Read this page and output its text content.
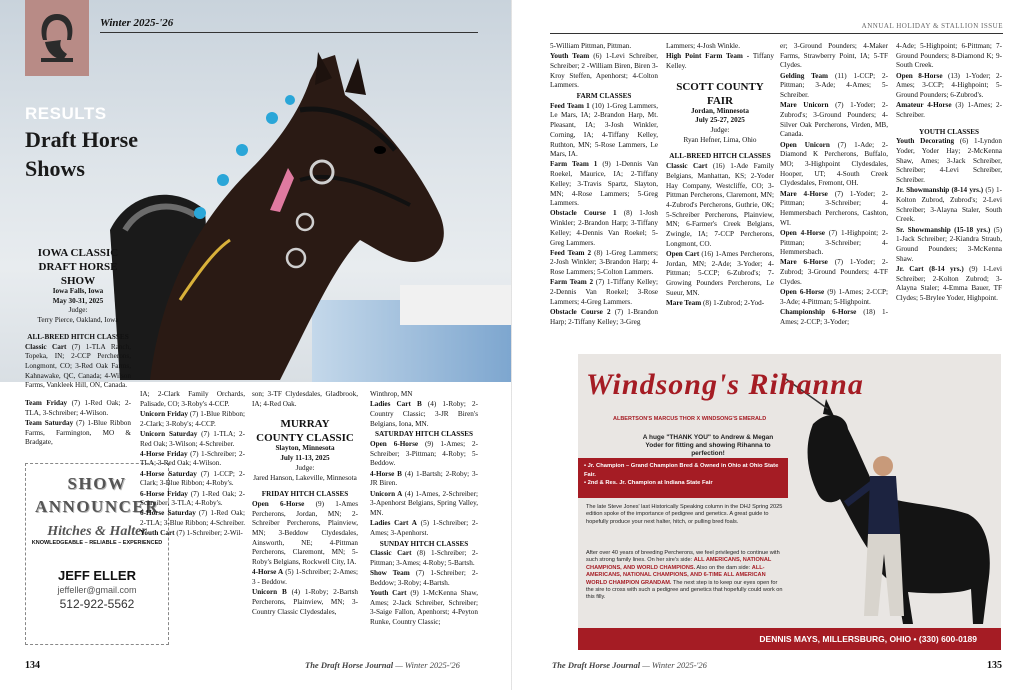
Winter 2025-'26
RESULTS
Draft Horse
Shows
IOWA CLASSIC
DRAFT HORSE
SHOW
Iowa Falls, Iowa
May 30-31, 2025
Judge:
Terry Pierce, Oakland, Iowa
ALL-BREED HITCH CLASSES

Classic Cart (7) 1-TLA Ranch, Topeka, IN; 2-CCP Percherons, Longmont, CO; 3-Red Oak Farms, Kahnawake, QC, Canada; 4-Wilson Farms, Vankleek Hill, ON, Canada.

Team Friday (7) 1-Red Oak; 2-TLA, 3-Schreiber; 4-Wilson.

Team Saturday (7) 1-Blue Ribbon Farms, Farmington, MO & Bradgate,

SHOW
ANNOUNCER
Hitches & Halter
KNOWLEDGEABLE – RELIABLE – EXPERIENCED
JEFF ELLER
jeffeller@gmail.com
512-922-5562

IA; 2-Clark Family Orchards, Palisade, CO; 3-Roby's 4-CCP.

Unicorn Friday (7) 1-Blue Ribbon; 2-Clark; 3-Roby's; 4-CCP.

Unicorn Saturday (7) 1-TLA; 2-Red Oak; 3-Wilson; 4-Schreiber.

4-Horse Friday (7) 1-Schreiber; 2-TLA; 3-Red Oak; 4-Wilson.

4-Horse Saturday (7) 1-CCP; 2-Clark; 3-Blue Ribbon; 4-Roby's.

6-Horse Friday (7) 1-Red Oak; 2-Schreiber; 3-TLA; 4-Roby's.

6-Horse Saturday (7) 1-Red Oak; 2-TLA; 3-Blue Ribbon; 4-Schreiber.

Youth Cart (7) 1-Schreiber; 2-Wil-

son; 3-TF Clydesdales, Gladbrook, IA; 4-Red Oak.

MURRAY
COUNTY CLASSIC
Slayton, Minnesota
July 11-13, 2025
Judge:
Jared Hanson, Lakeville, Minnesota
FRIDAY HITCH CLASSES

Open 6-Horse (9) 1-Ames Percherons, Jordan, MN; 2-Schreiber Percherons, Plainview, MN; 3-Beddow Clydesdales, Ainsworth, NE; 4-Pittman Percherons, Claremont, MN; 5-Roby's Belgians, Rockwell City, IA.

4-Horse A (5) 1-Schreiber; 2-Ames; 3 - Beddow.

Unicorn B (4) 1-Roby; 2-Bartsh Percherons, Plainview, MN; 3-Country Classic Clydesdales,

Winthrop, MN

Ladies Cart B (4) 1-Roby; 2-Country Classic; 3-JR Biren's Belgians, Iona, MN.

SATURDAY HITCH CLASSES

Open 6-Horse (9) 1-Ames; 2-Schreiber; 3-Pittman; 4-Roby; 5-Beddow.

4-Horse B (4) 1-Bartsh; 2-Roby; 3-JR Biren.

Unicorn A (4) 1-Ames, 2-Schreiber; 3-Apenhorst Belgians, Spring Valley, MN.

Ladies Cart A (5) 1-Schreiber; 2-Ames; 3-Apenhorst.

SUNDAY HITCH CLASSES

Classic Cart (8) 1-Schreiber; 2-Pittman; 3-Ames; 4-Roby; 5-Bartsh.

Show Team (7) 1-Schreiber; 2-Beddow; 3-Roby; 4-Bartsh.

Youth Cart (9) 1-McKenna Shaw, Ames; 2-Jack Schreiber, Schreiber; 3-Saige Fallon, Apenhorst; 4-Peyton Runke, Country Classic;

134	The Draft Horse Journal — Winter 2025-'26
ANNUAL HOLIDAY & STALLION ISSUE

5-William Pittman, Pittman.

Youth Team (6) 1-Levi Schreiber, Schreiber; 2 -William Biren, Biren 3-Kroy Steffen, Apenhorst; 4-Colton Lammers.

FARM CLASSES

Feed Team 1 (10) 1-Greg Lammers, Le Mars, IA; 2-Brandon Harp, Mt. Pleasant, IA; 3-Josh Winkler, Corning, IA; 4-Tiffany Kelley, Ruthton, MN; 5-Rose Lammers, Le Mars, IA.

Farm Team 1 (9) 1-Dennis Van Roekel, Maurice, IA; 2-Tiffany Kelley; 3-Travis Spartz, Slayton, MN; 4-Rose Lammers; 5-Greg Lammers.

Obstacle Course 1 (8) 1-Josh Winkler; 2-Brandon Harp; 3-Tiffany Kelley; 4-Dennis Van Roekel; 5-Greg Lammers.

Feed Team 2 (8) 1-Greg Lammers; 2-Josh Winkler; 3-Brandon Harp; 4-Rose Lammers; 5-Colton Lammers.

Farm Team 2 (7) 1-Tiffany Kelley; 2-Dennis Van Roekel; 3-Rose Lammers; 4-Greg Lammers.

Obstacle Course 2 (7) 1-Brandon Harp; 2-Tiffany Kelley; 3-Greg

Lammers; 4-Josh Winkle.

High Point Farm Team - Tiffany Kelley.

SCOTT COUNTY
FAIR
Jordan, Minnesota
July 25-27, 2025
Judge:
Ryan Hefner, Lima, Ohio
ALL-BREED HITCH CLASSES

Classic Cart (16) 1-Ade Family Belgians, Manhattan, KS; 2-Yoder Hay Company, Westcliffe, CO; 3-Pittman Percherons, Claremont, MN; 4-Zubrod's Percherons, Guthrie, OK; 5-Schreiber Percherons, Plainview, MN; 6-Farmer's Creek Belgians, Zwingle, IA; 7-CCP Percherons, Longmont, CO.

Open Cart (16) 1-Ames Percherons, Jordan, MN; 2-Ade; 3-Yoder; 4-Pittman; 5-CCP; 6-Zubrod's; 7-Growing Pounders Percherons, Le Sueur, MN.

Mare Team (8) 1-Zubrod; 2-Yod-

er; 3-Ground Pounders; 4-Maker Farms, Strawberry Point, IA; 5-TF Clydes.

Gelding Team (11) 1-CCP; 2-Pittman; 3-Ade; 4-Ames; 5-Schreiber.

Mare Unicorn (7) 1-Yoder; 2-Zubrod's; 3-Ground Pounders; 4-Silver Oak Percherons, Virden, MB, Canada.

Open Unicorn (7) 1-Ade; 2-Diamond K Percherons, Buffalo, MO; 3-Highpoint Clydesdales, Hooper, UT; 4-South Creek Clydesdales, Fremont, OH.

Mare 4-Horse (7) 1-Yoder; 2-Pittman; 3-Schreiber; 4-Hemmersbach Percherons, Cashton, WI.

Open 4-Horse (7) 1-Highpoint; 2-Pittman; 3-Schreiber; 4-Hemmersbach.

Mare 6-Horse (7) 1-Yoder; 2-Zubrod; 3-Ground Pounders; 4-TF Clydes.

Open 6-Horse (9) 1-Ames; 2-CCP; 3-Ade; 4-Pittman; 5-Highpoint.

Championship 6-Horse (18) 1-Ames; 2-CCP; 3-Yoder;

4-Ade; 5-Highpoint; 6-Pittman; 7-Ground Pounders; 8-Diamond K; 9-South Creek.

Open 8-Horse (13) 1-Yoder; 2-Ames; 3-CCP; 4-Highpoint; 5-Ground Pounders; 6-Zubrod's.

Amateur 4-Horse (3) 1-Ames; 2-Schreiber.

YOUTH CLASSES

Youth Decorating (6) 1-Lyndon Yoder, Yoder Hay; 2-McKenna Shaw, Ames; 3-Jack Schreiber, Schreiber; 4-Levi Schreiber, Schreiber.

Jr. Showmanship (8-14 yrs.) (5) 1-Kolton Zubrod, Zubrod's; 2-Levi Schreiber; 3-Alayna Staler, South Creek.

Sr. Showmanship (15-18 yrs.) (5) 1-Jack Schreiber; 2-Kiandra Straub, Ground Pounders; 3-McKenna Shaw.

Jr. Cart (8-14 yrs.) (9) 1-Levi Schreiber; 2-Kolton Zubrod; 3-Alayna Staler; 4-Emma Bauer, TF Clydes; 5-Brylee Yoder, Highpoint.

Windsong's Rihanna
ALBERTSON'S MARCUS THOR X WINDSONG'S EMERALD
A huge "THANK YOU" to Andrew & Megan Yoder for fitting and showing Rihanna to perfection!
• Jr. Champion – Grand Champion Bred & Owned in Ohio at Ohio State Fair.
• 2nd & Res. Jr. Champion at Indiana State Fair
The late Steve Jones' last Historically Speaking column in the DHJ Spring 2025 edition spoke of the importance of pedigree and genetics. A great guide to hopefully produce your next halter, hitch, or pulling bred foals.
After over 40 years of breeding Percherons, we feel privileged to continue with such strong family lines. On her sire's side: ALL AMERICANS, NATIONAL CHAMPIONS, AND WORLD CHAMPIONS. Also on the dam side: ALL-AMERICANS, NATIONAL CHAMPIONS, AND 6-TIME ALL AMERICAN WORLD CHAMPION GRANDAM. The next step is to keep our eyes open for the sire to cross with such a pedigree and genetics that hopefully could work on this filly.
DENNIS MAYS, MILLERSBURG, OHIO • (330) 600-0189
The Draft Horse Journal — Winter 2025-'26	135
